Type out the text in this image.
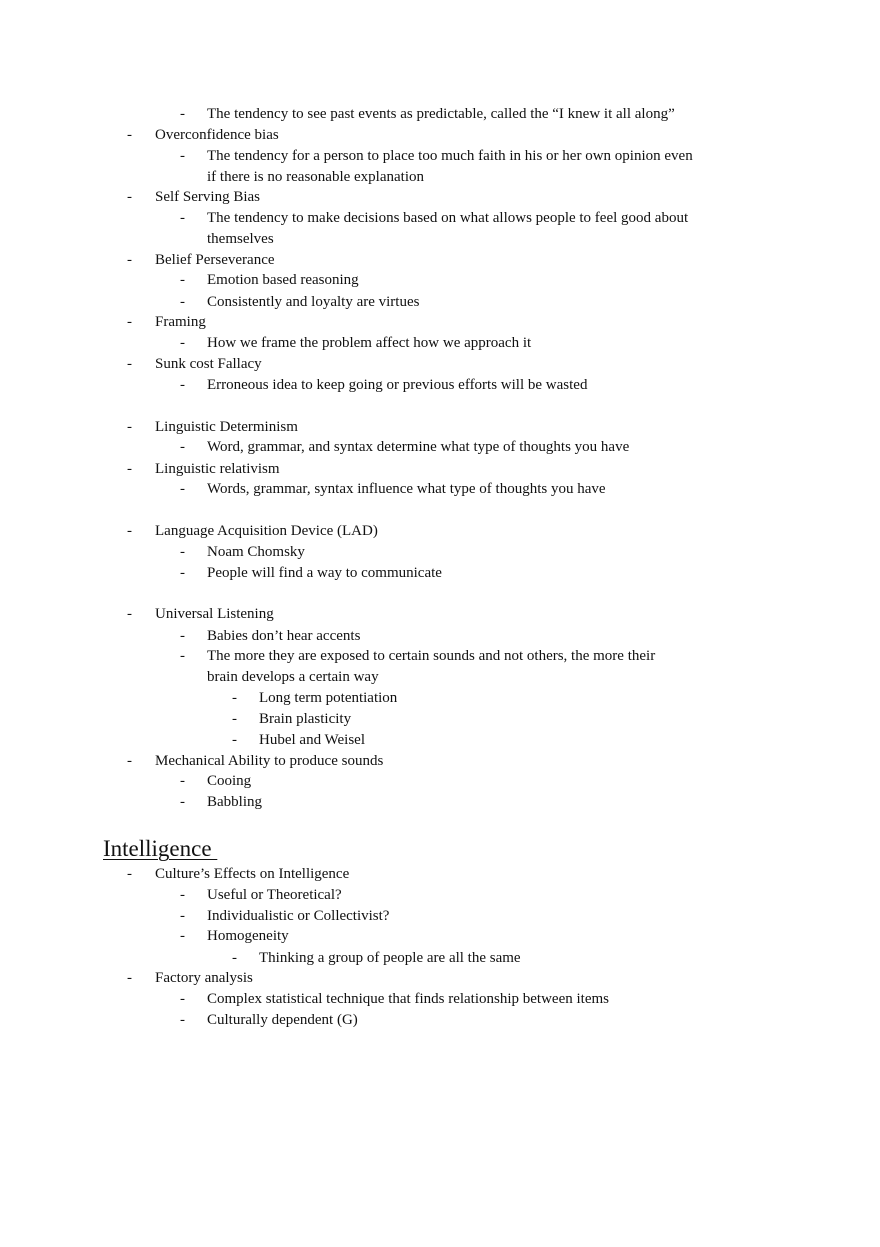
- The tendency to see past events as predictable, called the “I knew it all along”
- Overconfidence bias
- The tendency for a person to place too much faith in his or her own opinion even
if there is no reasonable explanation
- Self Serving Bias
- The tendency to make decisions based on what allows people to feel good about
themselves
- Belief Perseverance
- Emotion based reasoning
- Consistently and loyalty are virtues
- Framing
- How we frame the problem affect how we approach it
- Sunk cost Fallacy
- Erroneous idea to keep going or previous efforts will be wasted
- Linguistic Determinism
- Word, grammar, and syntax determine what type of thoughts you have
- Linguistic relativism
- Words, grammar, syntax influence what type of thoughts you have
- Language Acquisition Device (LAD)
- Noam Chomsky
- People will find a way to communicate
- Universal Listening
- Babies don’t hear accents
- The more they are exposed to certain sounds and not others, the more their
brain develops a certain way
- Long term potentiation
- Brain plasticity
- Hubel and Weisel
- Mechanical Ability to produce sounds
- Cooing
- Babbling
Intelligence
- Culture’s Effects on Intelligence
- Useful or Theoretical?
- Individualistic or Collectivist?
- Homogeneity
- Thinking a group of people are all the same
- Factory analysis
- Complex statistical technique that finds relationship between items
- Culturally dependent (G)
